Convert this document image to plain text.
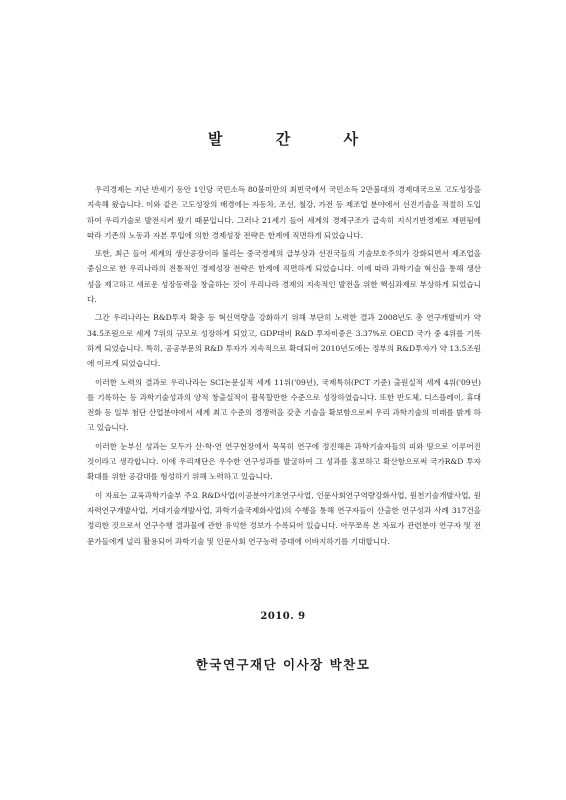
발 간 사

우리경제는 지난 반세기 동안 1인당 국민소득 80불미만의 최빈국에서 국민소득 2만불대의 경제대국으로 고도성장을 지속해 왔습니다. 이와 같은 고도성장의 배경에는 자동차, 조선, 철강, 가전 등 제조업 분야에서 선진기술을 적절히 도입하여 우리기술로 발전시켜 왔기 때문입니다. 그러나 21세기 들어 세계의 경제구조가 급속히 지식기반경제로 재편됨에 따라 기존의 노동과 자본 투입에 의한 경제성장 전략은 한계에 직면하게 되었습니다.

또한, 최근 들어 세계의 생산공장이라 불리는 중국경제의 급부상과 선진국들의 기술보호주의가 강화되면서 제조업을 중심으로 한 우리나라의 전통적인 경제성장 전략은 한계에 직면하게 되었습니다. 이에 따라 과학기술 혁신을 통해 생산성을 제고하고 새로운 성장동력을 창출하는 것이 우리나라 경제의 지속적인 발전을 위한 핵심과제로 부상하게 되었습니다.

그간 우리나라는 R&D투자 확충 등 혁신역량을 강화하기 위해 부단히 노력한 결과 2008년도 총 연구개발비가 약 34.5조원으로 세계 7위의 규모로 성장하게 되었고, GDP대비 R&D 투자비중은 3.37%로 OECD 국가 중 4위를 기록하게 되었습니다. 특히, 공공부문의 R&D 투자가 지속적으로 확대되어 2010년도에는 정부의 R&D투자가 약 13.5조원에 이르게 되었습니다.

이러한 노력의 결과로 우리나라는 SCI논문실적 세계 11위('09년), 국제특허(PCT 기준) 출원실적 세계 4위('09년)를 기록하는 등 과학기술성과의 양적 창출실적이 괄목할만한 수준으로 성장하였습니다. 또한 반도체, 디스플레이, 휴대전화 등 일부 첨단 산업분야에서 세계 최고 수준의 경쟁력을 갖춘 기술을 확보함으로써 우리 과학기술의 미래를 밝게 하고 있습니다.

이러한 눈부신 성과는 모두가 산·학·연 연구현장에서 묵묵히 연구에 정진해온 과학기술자들의 피와 땀으로 이루어진 것이라고 생각합니다. 이에 우리재단은 우수한 연구성과를 발굴하여 그 성과를 홍보하고 확산함으로써 국가R&D 투자 확대를 위한 공감대를 형성하기 위해 노력하고 있습니다.

이 자료는 교육과학기술부 주요 R&D사업(이공분야기초연구사업, 인문사회연구역량강화사업, 원천기술개발사업, 원자력연구개발사업, 거대기술개발사업, 과학기술국제화사업)의 수행을 통해 연구자들이 산출한 연구성과 사례 317건을 정리한 것으로서 연구수행 결과물에 관한 유익한 정보가 수록되어 있습니다. 아무쪼록 본 자료가 관련분야 연구자 및 전문가들에게 널리 활용되어 과학기술 및 인문사회 연구능력 증대에 이바지하기를 기대합니다.

2010. 9
한국연구재단 이사장 박찬모
